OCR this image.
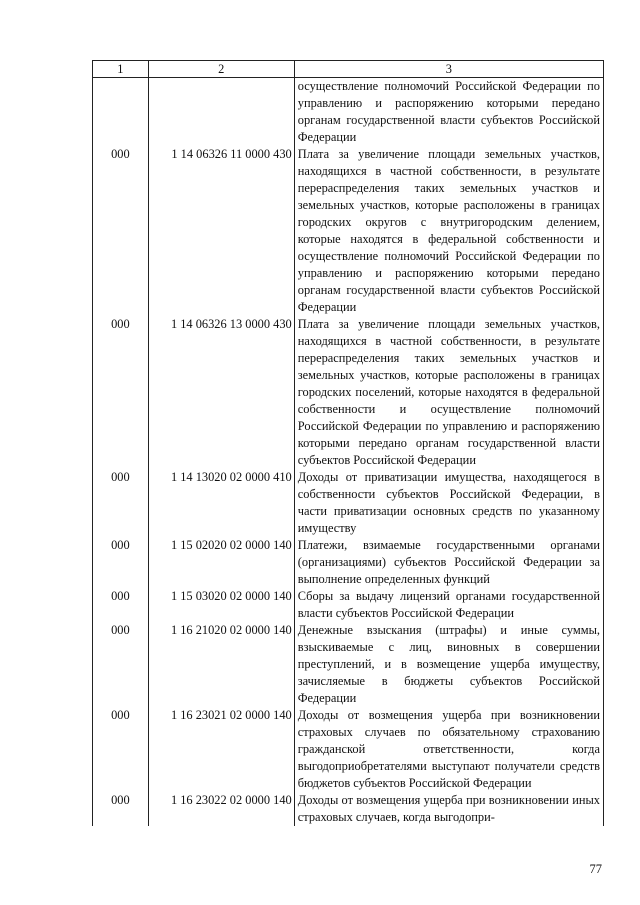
1	2	3
		осуществление полномочий Российской Федерации по управлению и распоряжению которыми передано органам государственной власти субъектов Российской Федерации
000	1 14 06326 11 0000 430	Плата за увеличение площади земельных участков, находящихся в частной собственности, в результате перераспределения таких земельных участков и земельных участков, которые расположены в границах городских округов с внутригородским делением, которые находятся в федеральной собственности и осуществление полномочий Российской Федерации по управлению и распоряжению которыми передано органам государственной власти субъектов Российской Федерации
000	1 14 06326 13 0000 430	Плата за увеличение площади земельных участков, находящихся в частной собственности, в результате перераспределения таких земельных участков и земельных участков, которые расположены в границах городских поселений, которые находятся в федеральной собственности и осуществление полномочий Российской Федерации по управлению и распоряжению которыми передано органам государственной власти субъектов Российской Федерации
000	1 14 13020 02 0000 410	Доходы от приватизации имущества, находящегося в собственности субъектов Российской Федерации, в части приватизации основных средств по указанному имуществу
000	1 15 02020 02 0000 140	Платежи, взимаемые государственными органами (организациями) субъектов Российской Федерации за выполнение определенных функций
000	1 15 03020 02 0000 140	Сборы за выдачу лицензий органами государственной власти субъектов Российской Федерации
000	1 16 21020 02 0000 140	Денежные взыскания (штрафы) и иные суммы, взыскиваемые с лиц, виновных в совершении преступлений, и в возмещение ущерба имуществу, зачисляемые в бюджеты субъектов Российской Федерации
000	1 16 23021 02 0000 140	Доходы от возмещения ущерба при возникновении страховых случаев по обязательному страхованию гражданской ответственности, когда выгодоприобретателями выступают получатели средств бюджетов субъектов Российской Федерации
000	1 16 23022 02 0000 140	Доходы от возмещения ущерба при возникновении иных страховых случаев, когда выгодопри-
77
